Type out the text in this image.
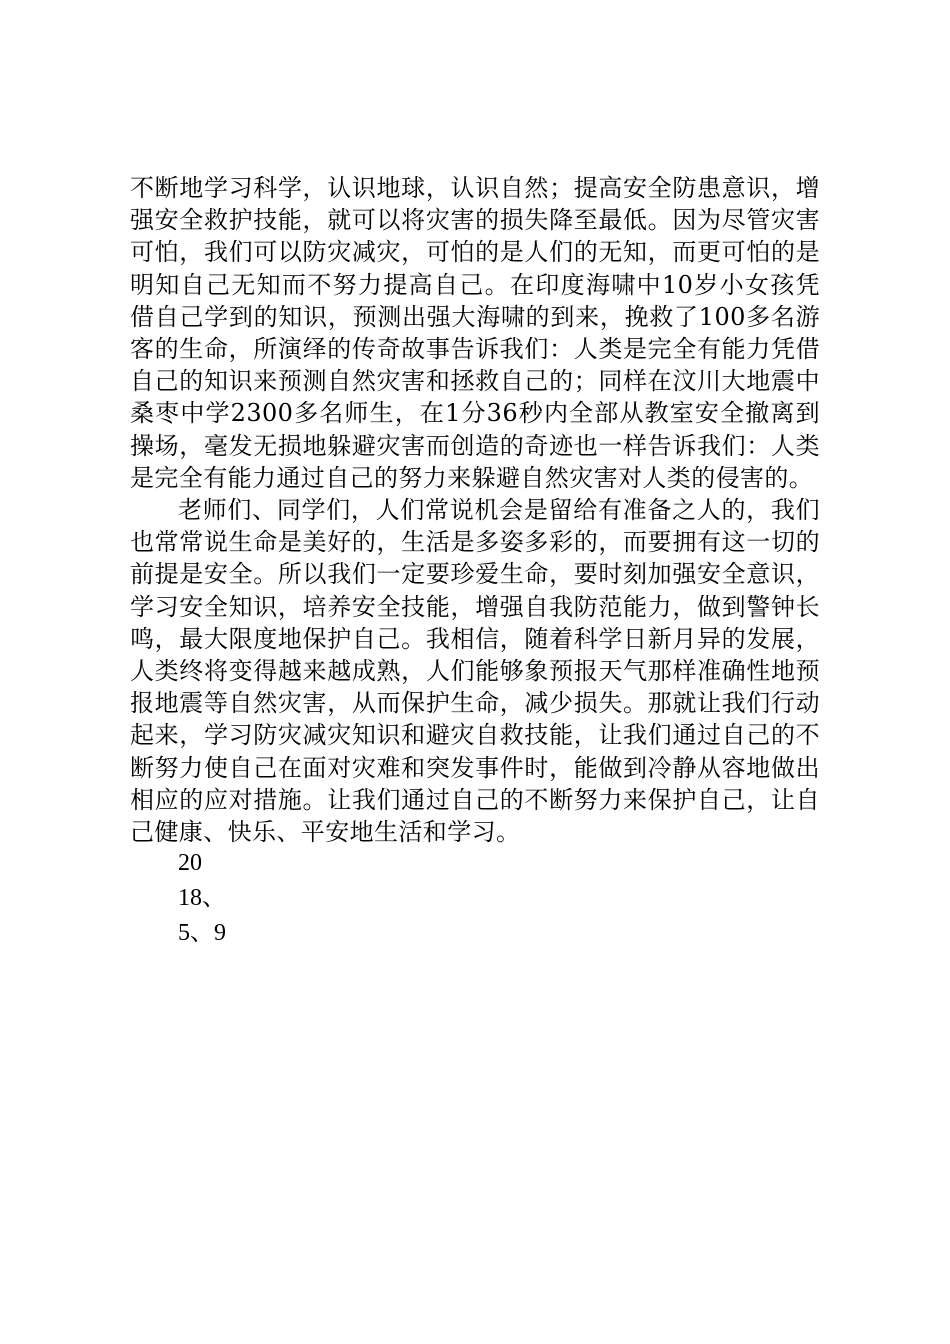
不断地学习科学，认识地球，认识自然；提高安全防患意识，增强安全救护技能，就可以将灾害的损失降至最低。因为尽管灾害可怕，我们可以防灾减灾，可怕的是人们的无知，而更可怕的是明知自己无知而不努力提高自己。在印度海啸中10岁小女孩凭借自己学到的知识，预测出强大海啸的到来，挽救了100多名游客的生命，所演绎的传奇故事告诉我们：人类是完全有能力凭借自己的知识来预测自然灾害和拯救自己的；同样在汶川大地震中桑枣中学2300多名师生，在1分36秒内全部从教室安全撤离到操场，毫发无损地躲避灾害而创造的奇迹也一样告诉我们：人类是完全有能力通过自己的努力来躲避自然灾害对人类的侵害的。

老师们、同学们，人们常说机会是留给有准备之人的，我们也常常说生命是美好的，生活是多姿多彩的，而要拥有这一切的前提是安全。所以我们一定要珍爱生命，要时刻加强安全意识，学习安全知识，培养安全技能，增强自我防范能力，做到警钟长鸣，最大限度地保护自己。我相信，随着科学日新月异的发展，人类终将变得越来越成熟，人们能够象预报天气那样准确性地预报地震等自然灾害，从而保护生命，减少损失。那就让我们行动起来，学习防灾减灾知识和避灾自救技能，让我们通过自己的不断努力使自己在面对灾难和突发事件时，能做到冷静从容地做出相应的应对措施。让我们通过自己的不断努力来保护自己，让自己健康、快乐、平安地生活和学习。

20
18、
5、9
